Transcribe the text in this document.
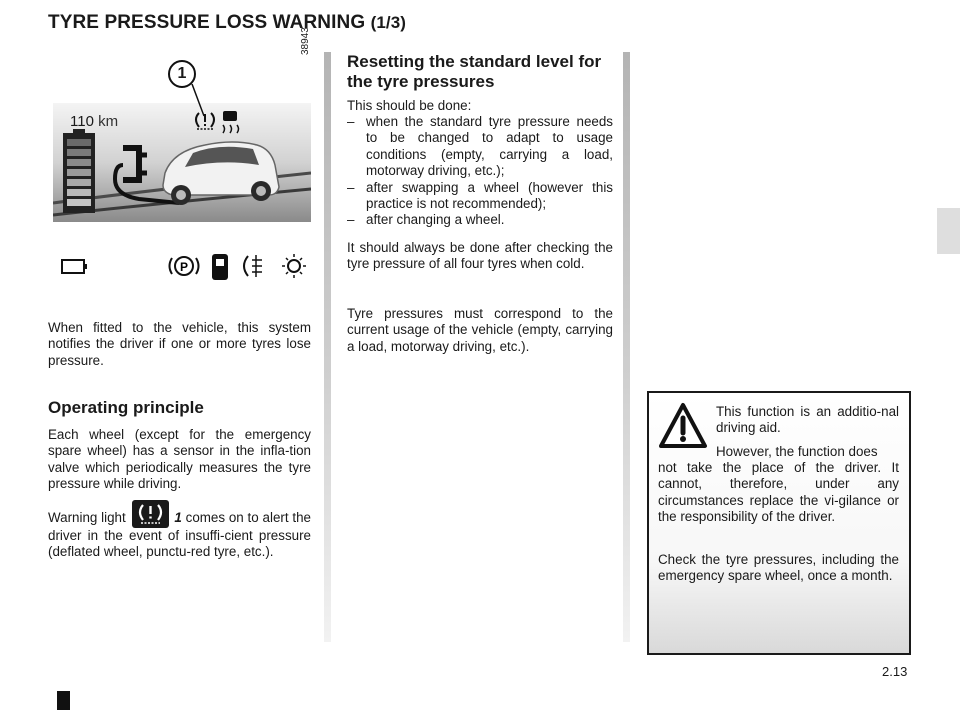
TYRE PRESSURE LOSS WARNING (1/3)
38943
110 km
1
P
When fitted to the vehicle, this system notifies the driver if one or more tyres lose pressure.
Operating principle
Each wheel (except for the emergency spare wheel) has a sensor in the infla-tion valve which periodically measures the tyre pressure while driving.
Warning light	1 comes on to alert the driver in the event of insuffi-cient pressure (deflated wheel, punctu-red tyre, etc.).
Resetting the standard level for the tyre pressures
This should be done:
– when the standard tyre pressure needs to be changed to adapt to usage conditions (empty, carrying a load, motorway driving, etc.);
– after swapping a wheel (however this practice is not recommended);
– after changing a wheel.
It should always be done after checking the tyre pressure of all four tyres when cold.
Tyre pressures must correspond to the current usage of the vehicle (empty, carrying a load, motorway driving, etc.).
This function is an additio-nal driving aid.
However, the function does
not take the place of the driver. It cannot, therefore, under any circumstances replace the vi-gilance or the responsibility of the driver.
Check the tyre pressures, including the emergency spare wheel, once a month.
2.13
